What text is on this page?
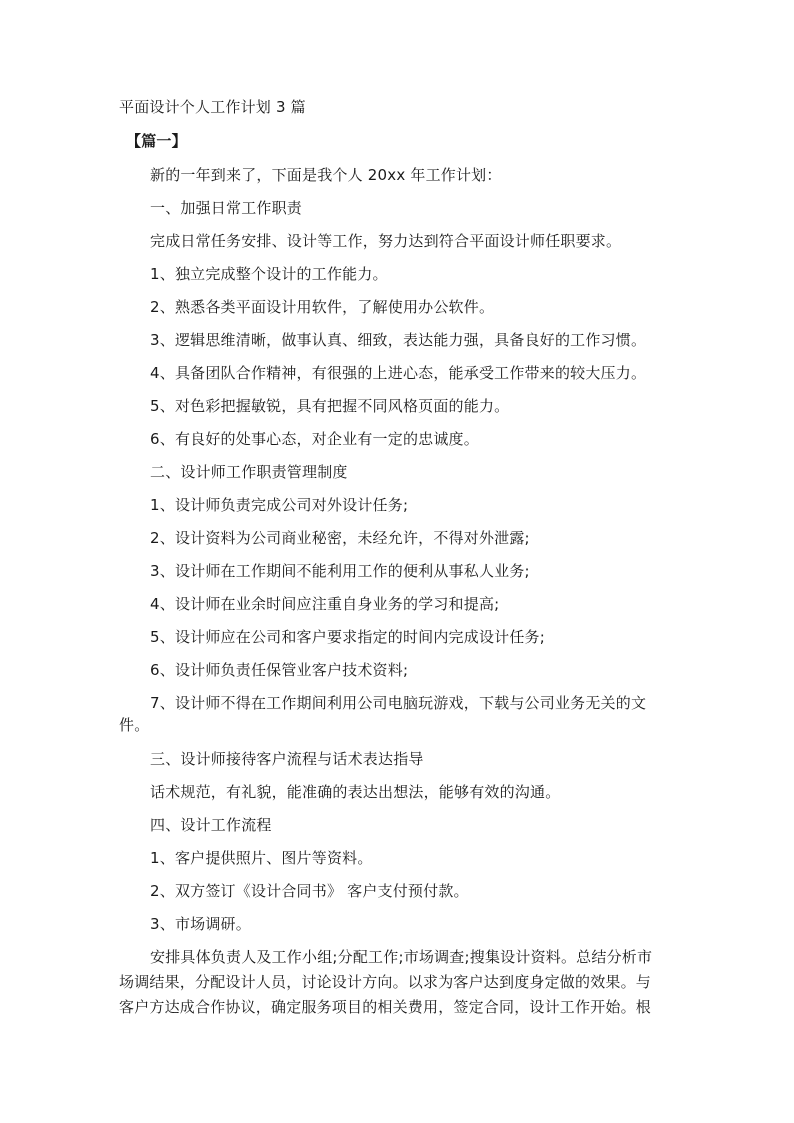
平面设计个人工作计划 3 篇
【篇一】
新的一年到来了，下面是我个人 20xx 年工作计划：
一、加强日常工作职责
完成日常任务安排、设计等工作，努力达到符合平面设计师任职要求。
1、独立完成整个设计的工作能力。
2、熟悉各类平面设计用软件，了解使用办公软件。
3、逻辑思维清晰，做事认真、细致，表达能力强，具备良好的工作习惯。
4、具备团队合作精神，有很强的上进心态，能承受工作带来的较大压力。
5、对色彩把握敏锐，具有把握不同风格页面的能力。
6、有良好的处事心态，对企业有一定的忠诚度。
二、设计师工作职责管理制度
1、设计师负责完成公司对外设计任务;
2、设计资料为公司商业秘密，未经允许，不得对外泄露;
3、设计师在工作期间不能利用工作的便利从事私人业务;
4、设计师在业余时间应注重自身业务的学习和提高;
5、设计师应在公司和客户要求指定的时间内完成设计任务;
6、设计师负责任保管业客户技术资料;
7、设计师不得在工作期间利用公司电脑玩游戏，下载与公司业务无关的文
件。
三、设计师接待客户流程与话术表达指导
话术规范，有礼貌，能准确的表达出想法，能够有效的沟通。
四、设计工作流程
1、客户提供照片、图片等资料。
2、双方签订《设计合同书》 客户支付预付款。
3、市场调研。
安排具体负责人及工作小组;分配工作;市场调查;搜集设计资料。总结分析市
场调结果，分配设计人员，讨论设计方向。以求为客户达到度身定做的效果。与
客户方达成合作协议，确定服务项目的相关费用，签定合同，设计工作开始。根
